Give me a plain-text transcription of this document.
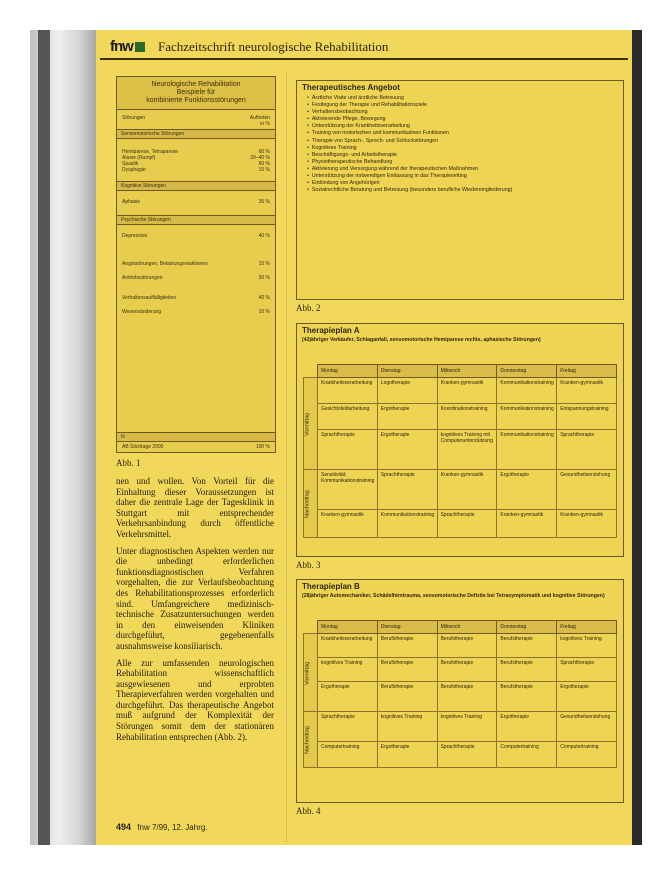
fnw	Fachzeitschrift neurologische Rehabilitation
Neurologische Rehabilitation
Beispiele für
kombinierte Funktionsstörungen
Störungen	Auftreten
in %
Sensomotorische Störungen
Hemiparese, Tetraparese	60 %
Ataxie (Rumpf)	20–40 %
Spastik	60 %
Dysphagie	15 %
Kognitive Störungen
Aphasie	35 %
Psychische Störungen
Depression	40 %
Angststörungen, Belastungsreaktionen	15 %
Antriebsstörungen	30 %
Verhaltensauffälligkeiten	40 %
Wesensänderung	10 %
N
AB Stichtage 2000	100 %
Abb. 1

nen und wollen. Von Vorteil für die Einhaltung dieser Voraussetzungen ist daher die zentrale Lage der Tagesklinik in Stuttgart mit entsprechender Verkehrsanbindung durch öffentliche Verkehrsmittel.

Unter diagnostischen Aspekten werden nur die unbedingt erforderlichen funktionsdiagnostischen Verfahren vorgehalten, die zur Verlaufsbeobachtung des Rehabilitationsprozesses erforderlich sind. Umfangreichere medizinisch-technische Zusatzuntersuchungen werden in den einweisenden Kliniken durchgeführt, gegebenenfalls ausnahmsweise konsiliarisch.

Alle zur umfassenden neurologischen Rehabilitation wissenschaftlich ausgewiesenen und erprobten Therapieverfahren werden vorgehalten und durchgeführt. Das therapeutische Angebot muß aufgrund der Komplexität der Störungen somit dem der stationären Rehabilitation entsprechen (Abb. 2).

494 fnw 7/99, 12. Jahrg.
Therapeutisches Angebot
• Ärztliche Visite und ärztliche Betreuung
• Festlegung der Therapie und Rehabilitationsziele
• Verhaltensbeobachtung
• Aktivierende Pflege, Bewegung
• Unterstützung der Krankheitsverarbeitung
• Training von motorischen und kommunikativen Funktionen
• Therapie von Sprach-, Sprech- und Schluckstörungen
• Kognitives Training
• Beschäftigungs- und Arbeitstherapie
• Physiotherapeutische Behandlung
• Aktivierung und Versorgung während der therapeutischen Maßnahmen
• Unterstützung der notwendigen Entlassung in das Therapiesetting
• Einbindung von Angehörigen
• Sozialrechtliche Beratung und Betreuung (besonders berufliche Wiedereingliederung)
Abb. 2
Therapieplan A
(42jähriger Verkäufer, Schlaganfall, sensomotorische Hemiparese rechts, aphasische Störungen)
	Montag	Dienstag	Mittwoch	Donnerstag	Freitag
Vormittag	Krankheitsverarbeitung	Logotherapie	Kranken-gymnastik	Kommunikationstraining	Kranken-gymnastik
	Gesichtsfeldarbeitung	Ergotherapie	Koordinationstraining	Kommunikationstraining	Entspannungstraining
	Sprachtherapie	Ergotherapie	kognitives Training mit Computerunterstützung	Kommunikationstraining	Sprachtherapie
Nachmittag	Sensitivität: Kommunikationstraining	Sprachtherapie	Kranken-gymnastik	Ergotherapie	Gesundheitserziehung
	Kranken-gymnastik	Kommunikationstraining	Sprachtherapie	Kranken-gymnastik	Kranken-gymnastik
Abb. 3
Therapieplan B
(28jähriger Automechaniker, Schädelhirntrauma, sensomotorische Defizite bei Tetrasymptomatik und kognitive Störungen)
	Montag	Dienstag	Mittwoch	Donnerstag	Freitag
Vormittag	Krankheitsverarbeitung	Berufstherapie	Berufstherapie	Berufstherapie	kognitives Training
	kognitives Training	Berufstherapie	Berufstherapie	Berufstherapie	Sprachtherapie
	Ergotherapie	Berufstherapie	Berufstherapie	Berufstherapie	Ergotherapie
Nachmittag	Sprachtherapie	kognitives Training	kognitives Training	Ergotherapie	Gesundheitserziehung
	Computertraining	Ergotherapie	Sprachtherapie	Computertraining	Computertraining
Abb. 4
